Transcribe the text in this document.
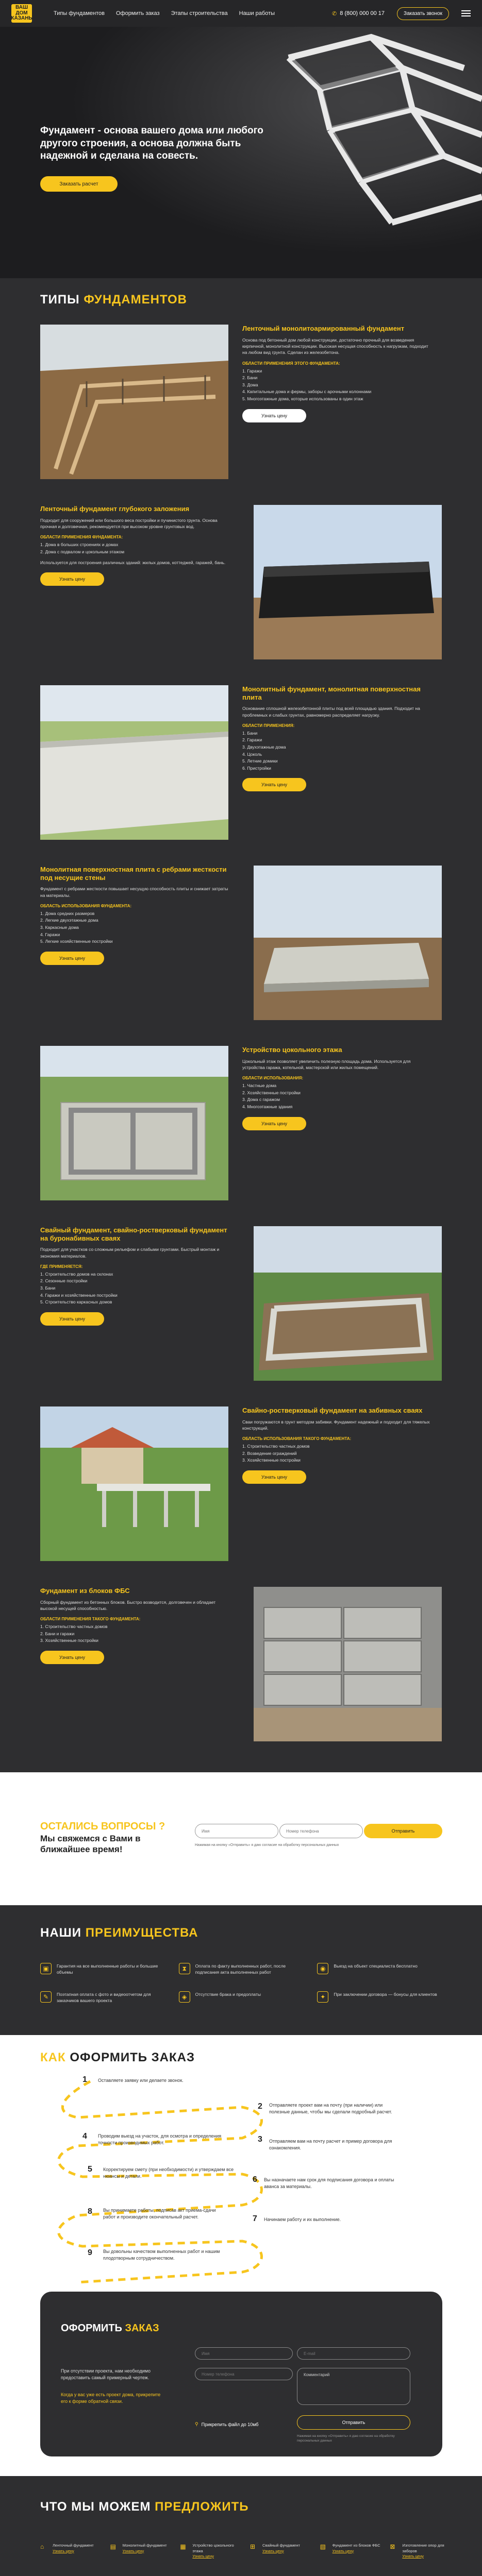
ВАШ
ДОМ
КАЗАНЬ
Типы фундаментов Оформить заказ Этапы строительства Наши работы	✆ 8 (800) 000 00 17	Заказать звонок
Фундамент - основа вашего дома или любого другого строения, а основа должна быть надежной и сделана на совесть.
Заказать расчет
ТИПЫ ФУНДАМЕНТОВ
Ленточный монолитоармированный фундамент
Основа под бетонный дом любой конструкции, достаточно прочный для возведения кирпичной, монолитной конструкции. Высокая несущая способность к нагрузкам, подходит на любом вид грунта. Сделан из железобетона.
ОБЛАСТИ ПРИМЕНЕНИЯ ЭТОГО ФУНДАМЕНТА:
1. Гаражи
2. Бани
3. Дома
4. Капитальные дома и фермы, заборы с арочными колоннами
5. Многоэтажные дома, которые использованы в один этаж
Узнать цену
Ленточный фундамент глубокого заложения
Подходит для сооружений или большого веса постройки и пучинистого грунта. Основа прочная и долговечная, рекомендуется при высоком уровне грунтовых вод.
ОБЛАСТИ ПРИМЕНЕНИЯ ФУНДАМЕНТА:
1. Дома в больших строениях и домах
2. Дома с подвалом и цокольным этажом
Используется для построения различных зданий: жилых домов, коттеджей, гаражей, бань.
Узнать цену
Монолитный фундамент, монолитная поверхностная плита
Основание сплошной железобетонной плиты под всей площадью здания. Подходит на проблемных и слабых грунтах, равномерно распределяет нагрузку.
ОБЛАСТИ ПРИМЕНЕНИЯ:
1. Бани
2. Гаражи
3. Двухэтажные дома
4. Цоколь
5. Летние домики
6. Пристройки
Узнать цену
Монолитная поверхностная плита с ребрами жесткости под несущие стены
Фундамент с ребрами жесткости повышает несущую способность плиты и снижает затраты на материалы.
ОБЛАСТЬ ИСПОЛЬЗОВАНИЯ ФУНДАМЕНТА:
1. Дома средних размеров
2. Легкие двухэтажные дома
3. Каркасные дома
4. Гаражи
5. Легкие хозяйственные постройки
Узнать цену
Устройство цокольного этажа
Цокольный этаж позволяет увеличить полезную площадь дома. Используется для устройства гаража, котельной, мастерской или жилых помещений.
ОБЛАСТИ ИСПОЛЬЗОВАНИЯ:
1. Частные дома
2. Хозяйственные постройки
3. Дома с гаражом
4. Многоэтажные здания
Узнать цену
Свайный фундамент, свайно-ростверковый фундамент на буронабивных сваях
Подходит для участков со сложным рельефом и слабыми грунтами. Быстрый монтаж и экономия материалов.
ГДЕ ПРИМЕНЯЕТСЯ:
1. Строительство домов на склонах
2. Сезонные постройки
3. Бани
4. Гаражи и хозяйственные постройки
5. Строительство каркасных домов
Узнать цену
Свайно-ростверковый фундамент на забивных сваях
Сваи погружаются в грунт методом забивки. Фундамент надежный и подходит для тяжелых конструкций.
ОБЛАСТЬ ИСПОЛЬЗОВАНИЯ ТАКОГО ФУНДАМЕНТА:
1. Строительство частных домов
2. Возведение ограждений
3. Хозяйственные постройки
Узнать цену
Фундамент из блоков ФБС
Сборный фундамент из бетонных блоков. Быстро возводится, долговечен и обладает высокой несущей способностью.
ОБЛАСТИ ПРИМЕНЕНИЯ ТАКОГО ФУНДАМЕНТА:
1. Строительство частных домов
2. Бани и гаражи
3. Хозяйственные постройки
Узнать цену
ОСТАЛИСЬ ВОПРОСЫ ?
Мы свяжемся с Вами в ближайшее время!
Имя
Номер телефона
Отправить
Нажимая на кнопку «Отправить» я даю согласие на обработку персональных данных
НАШИ ПРЕИМУЩЕСТВА
▣	Гарантия на все выполненные работы и большие объемы
⧗	Оплата по факту выполненных работ, после подписания акта выполненных работ
◉	Выезд на объект специалиста бесплатно
✎	Поэтапная оплата с фото и видеоотчетом для заказчиков вашего проекта
◈	Отсутствие брака и предоплаты	✦	При заключении договора — бонусы для клиентов
КАК ОФОРМИТЬ ЗАКАЗ
1 Оставляете заявку или делаете звонок.
2 Отправляете проект вам на почту (при наличии) или полезные данные, чтобы мы сделали подробный расчет.
3 Отправляем вам на почту расчет и пример договора для ознакомления.
4 Проводим выезд на участок, для осмотра и определения точности производимых работ.
5 Корректируем смету (при необходимости) и утверждаем все нюансы и детали.	6 Вы назначаете нам срок для подписания договора и оплаты аванса за материалы.
7 Начинаем работу и их выполнение.
8 Вы принимаете работы, подписав акт приема-сдачи работ и производите окончательный расчет.
9 Вы довольны качеством выполненных работ и нашим плодотворным сотрудничеством.
ОФОРМИТЬ ЗАКАЗ
Имя
E-mail
Номер телефона
Комментарий
При отсутствии проекта, нам необходимо предоставить самый примерный чертеж.
Когда у вас уже есть проект дома, прикрепите его к форме обратной связи.
⚲ Прикрепить файл до 10мб	Отправить
Нажимая на кнопку «Отправить» я даю согласие на обработку персональных данных
ЧТО МЫ МОЖЕМ ПРЕДЛОЖИТЬ
⌂	Ленточный фундамент
Узнать цену
▤	Монолитный фундамент
Узнать цену
▦	Устройство цокольного этажа
Узнать цену
⊞	Свайный фундамент
Узнать цену
▧	Фундамент из блоков ФБС
Узнать цену
⊠	Изготовление опор для заборов
Узнать цену
